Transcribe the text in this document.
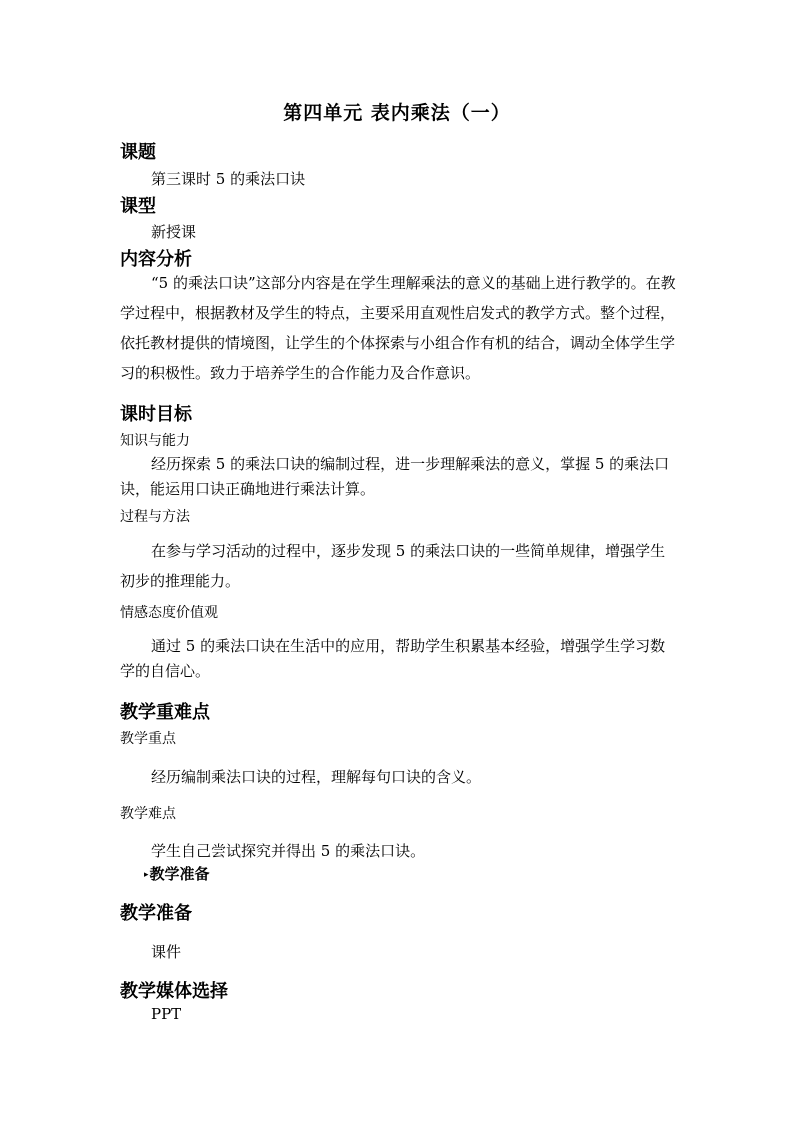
第四单元 表内乘法（一）
课题
第三课时 5 的乘法口诀
课型
新授课
内容分析
“5 的乘法口诀”这部分内容是在学生理解乘法的意义的基础上进行教学的。在教学过程中，根据教材及学生的特点，主要采用直观性启发式的教学方式。整个过程，依托教材提供的情境图，让学生的个体探索与小组合作有机的结合，调动全体学生学习的积极性。致力于培养学生的合作能力及合作意识。
课时目标
知识与能力
经历探索 5 的乘法口诀的编制过程，进一步理解乘法的意义，掌握 5 的乘法口诀，能运用口诀正确地进行乘法计算。
过程与方法
在参与学习活动的过程中，逐步发现 5 的乘法口诀的一些简单规律，增强学生初步的推理能力。
情感态度价值观
通过 5 的乘法口诀在生活中的应用，帮助学生积累基本经验，增强学生学习数学的自信心。
教学重难点
教学重点
经历编制乘法口诀的过程，理解每句口诀的含义。
教学难点
学生自己尝试探究并得出 5 的乘法口诀。
▸教学准备
教学准备
课件
教学媒体选择
PPT
